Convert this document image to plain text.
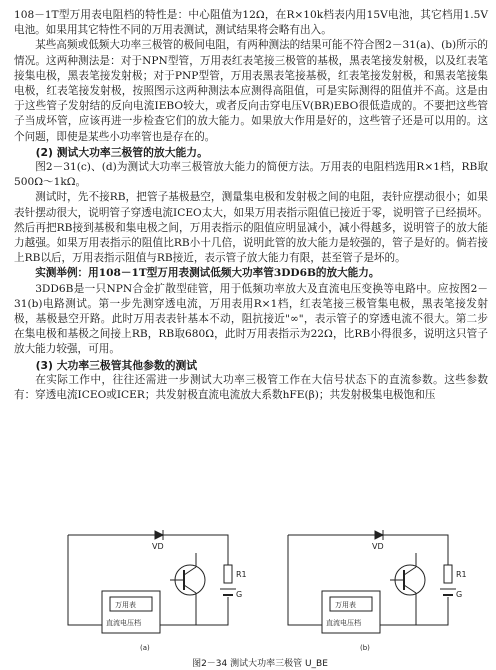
108－1T型万用表电阻档的特性是：中心阻值为12Ω，在R×10k档表内用15V电池，其它档用1.5V电池。如果用其它特性不同的万用表测试，测试结果将会略有出入。

某些高频或低频大功率三极管的极间电阻，有两种测法的结果可能不符合图2－31(a)、(b)所示的情况。这两种测法是：对于NPN型管，万用表红表笔接三极管的基极，黑表笔接发射极，以及红表笔接集电极，黑表笔接发射极；对于PNP型管，万用表黑表笔接基极，红表笔接发射极，和黑表笔接集电极，红表笔接发射极，按照图示这两种测法本应测得高阻值，可是实际测得的阻值并不高。这是由于这些管子发射结的反向电流IEBO较大，或者反向击穿电压V(BR)EBO很低造成的。不要把这些管子当成坏管，应该再进一步检查它们的放大能力。如果放大作用是好的，这些管子还是可以用的。这个问题，即使是某些小功率管也是存在的。

(2) 测试大功率三极管的放大能力。

图2－31(c)、(d)为测试大功率三极管放大能力的简便方法。万用表的电阻档选用R×1档，RB取500Ω～1kΩ。

测试时，先不接RB，把管子基极悬空，测量集电极和发射极之间的电阻，表针应摆动很小；如果表针摆动很大，说明管子穿透电流ICEO太大，如果万用表指示阻值已接近于零，说明管子已经损坏。然后再把RB接到基极和集电极之间，万用表指示的阻值应明显减小，减小得越多，说明管子的放大能力越强。如果万用表指示的阻值比RB小十几倍，说明此管的放大能力是较强的，管子是好的。倘若接上RB以后，万用表指示阻值与RB接近，表示管子放大能力有限，甚至管子是坏的。

实测举例：用108－1T型万用表测试低频大功率管3DD6B的放大能力。

3DD6B是一只NPN合金扩散型硅管，用于低频功率放大及直流电压变换等电路中。应按图2－31(b)电路测试。第一步先测穿透电流，万用表用R×1档，红表笔接三极管集电极，黑表笔接发射极，基极悬空开路。此时万用表表针基本不动，阻抗接近"∞"，表示管子的穿透电流不很大。第二步在集电极和基极之间接上RB，RB取680Ω，此时万用表指示为22Ω，比RB小得很多，说明这只管子放大能力较强，可用。

(3) 大功率三极管其他参数的测试

在实际工作中，往往还需进一步测试大功率三极管工作在大信号状态下的直流参数。这些参数有：穿透电流ICEO或ICER；共发射极直流电流放大系数hFE(β)；共发射极集电极饱和压

VD
R1
G
万用表
直流电压档
(a)
VD
R1
G
万用表
直流电压档
(b)
图2－34 测试大功率三极管 U_BE
